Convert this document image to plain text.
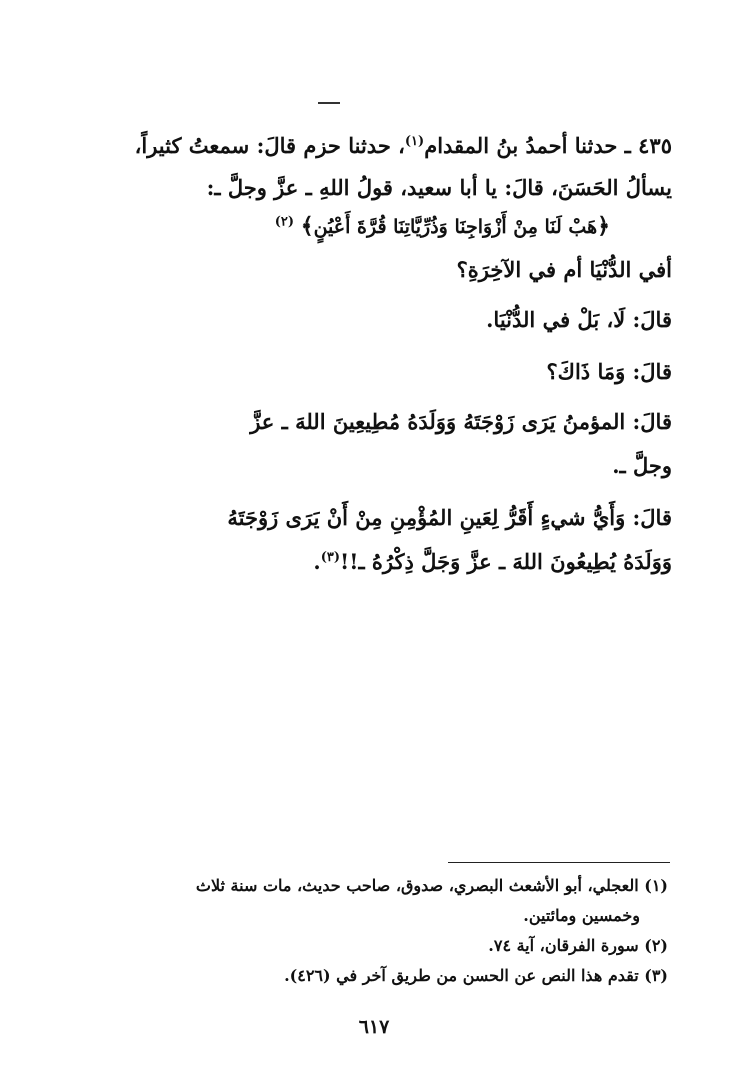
٤٣٥ ـ حدثنا أحمدُ بنُ المقدام$^{(١)}$، حدثنا حزم قالَ: سمعتُ كثيراً،
يسألُ الحَسَنَ، قالَ: يا أبا سعيد، قولُ اللهِ ـ عزَّ وجلَّ ـ:
﴿هَبْ لَنَا مِنْ أَزْوَاجِنَا وَذُرِّيَّاتِنَا قُرَّةَ أَعْيُنٍ﴾ $^{(٢)}$
أفي الدُّنْيَا أم في الآخِرَةِ؟
قالَ: لَا، بَلْ في الدُّنْيَا.
قالَ: وَمَا ذَاكَ؟
قالَ: المؤمنُ يَرَى زَوْجَتَهُ وَوَلَدَهُ مُطِيعِينَ اللهَ ـ عزَّ
وجلَّ ـ.
قالَ: وَأَيُّ شيءٍ أَقَرُّ لِعَينِ المُؤْمِنِ مِنْ أَنْ يَرَى زَوْجَتَهُ
وَوَلَدَهُ يُطِيعُونَ اللهَ ـ عزَّ وَجَلَّ ذِكْرُهُ ـ!!$^{(٣)}$.
(١) العجلي، أبو الأشعث البصري، صدوق، صاحب حديث، مات سنة ثلاث
وخمسين ومائتين.
(٢) سورة الفرقان، آية ٧٤.
(٣) تقدم هذا النص عن الحسن من طريق آخر في (٤٢٦).
٦١٧
